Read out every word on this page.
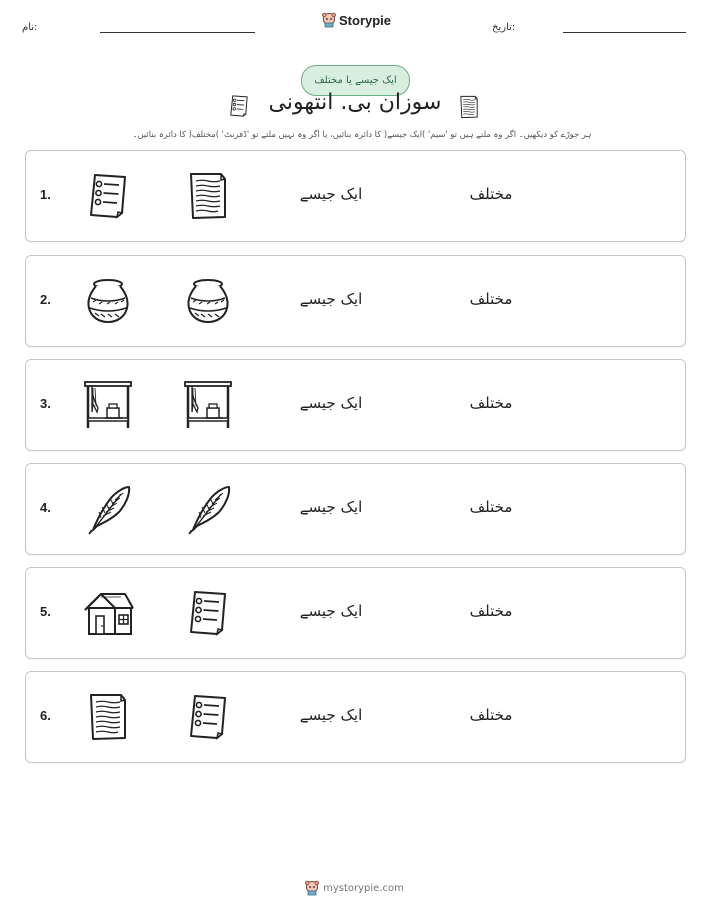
نام:	Storypie	تاریخ:
ایک جیسے یا مختلف
سوزان بی. انتھونی
ہر جوڑے کو دیکھیں۔ اگر وہ ملتے ہیں تو 'سیم' )ایک جیسے( کا دائرہ بنائیں، یا اگر وہ نہیں ملتے تو 'ڈفرنٹ' )مختلف( کا دائرہ بنائیں۔
1.	ایک جیسے	مختلف
2.	ایک جیسے	مختلف
3.	ایک جیسے	مختلف
4.	ایک جیسے	مختلف
5.	ایک جیسے	مختلف
6.	ایک جیسے	مختلف
mystorypie.com
